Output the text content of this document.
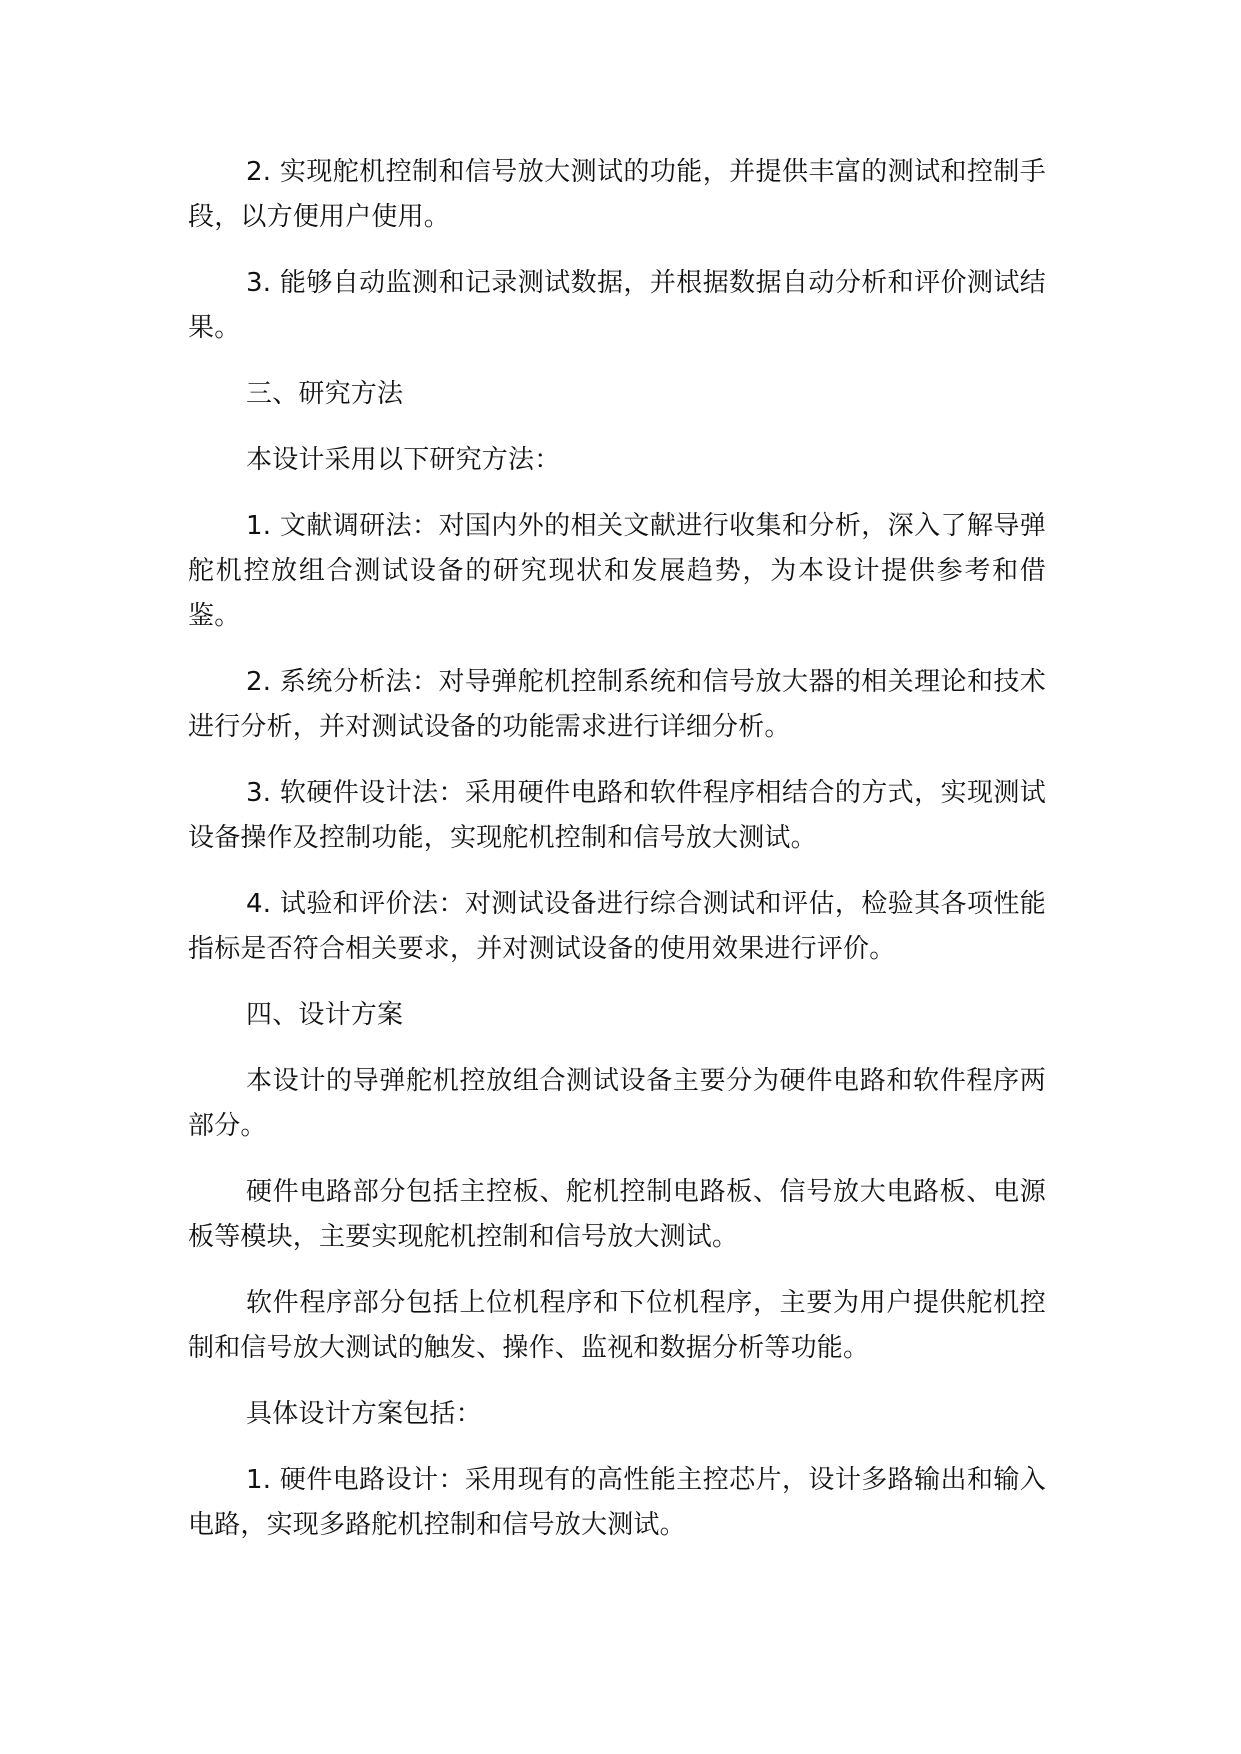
2. 实现舵机控制和信号放大测试的功能，并提供丰富的测试和控制手段，以方便用户使用。

3. 能够自动监测和记录测试数据，并根据数据自动分析和评价测试结果。

三、研究方法

本设计采用以下研究方法：

1. 文献调研法：对国内外的相关文献进行收集和分析，深入了解导弹舵机控放组合测试设备的研究现状和发展趋势，为本设计提供参考和借鉴。

2. 系统分析法：对导弹舵机控制系统和信号放大器的相关理论和技术进行分析，并对测试设备的功能需求进行详细分析。

3. 软硬件设计法：采用硬件电路和软件程序相结合的方式，实现测试设备操作及控制功能，实现舵机控制和信号放大测试。

4. 试验和评价法：对测试设备进行综合测试和评估，检验其各项性能指标是否符合相关要求，并对测试设备的使用效果进行评价。

四、设计方案

本设计的导弹舵机控放组合测试设备主要分为硬件电路和软件程序两部分。

硬件电路部分包括主控板、舵机控制电路板、信号放大电路板、电源板等模块，主要实现舵机控制和信号放大测试。

软件程序部分包括上位机程序和下位机程序，主要为用户提供舵机控制和信号放大测试的触发、操作、监视和数据分析等功能。

具体设计方案包括：

1. 硬件电路设计：采用现有的高性能主控芯片，设计多路输出和输入电路，实现多路舵机控制和信号放大测试。
